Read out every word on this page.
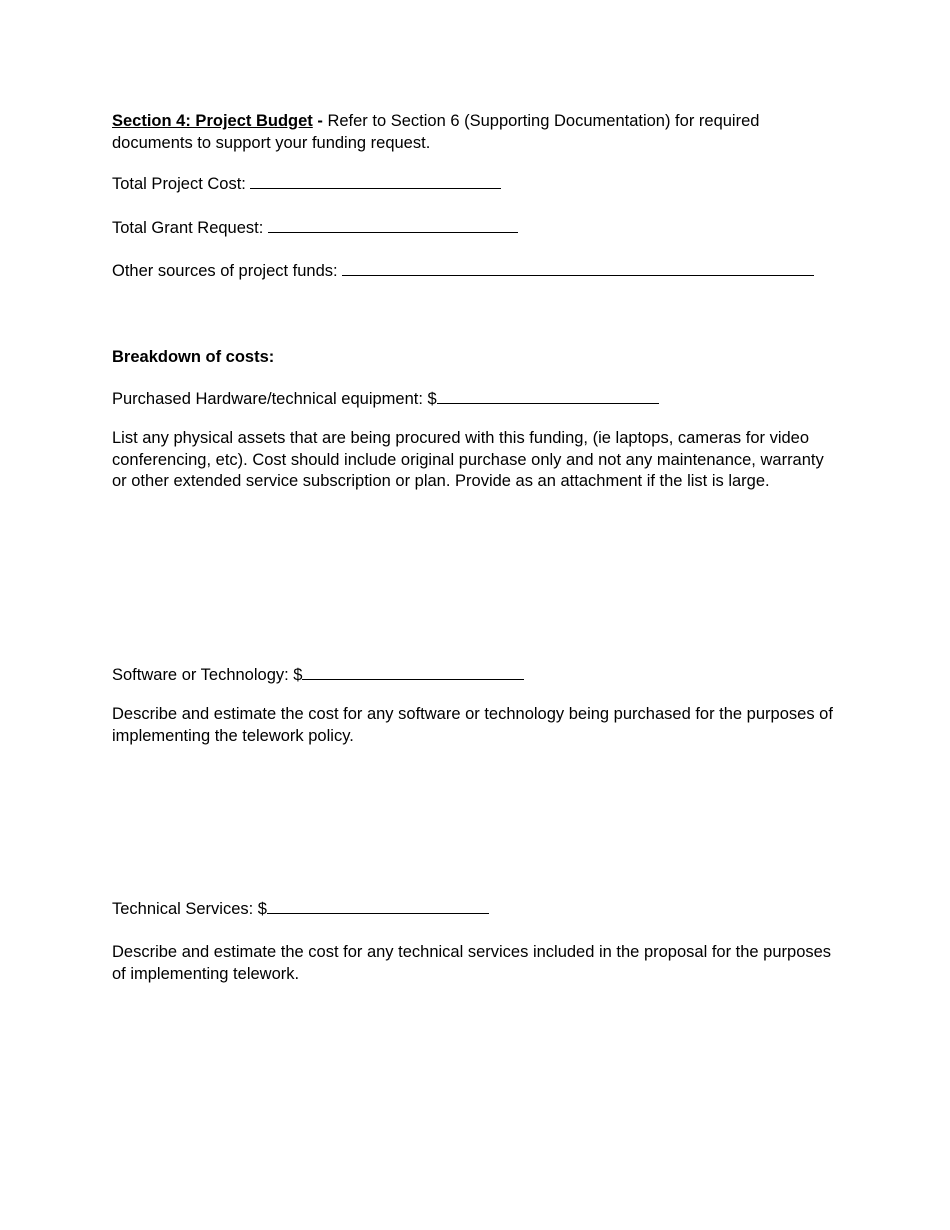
Section 4: Project Budget - Refer to Section 6 (Supporting Documentation) for required documents to support your funding request.
Total Project Cost:
Total Grant Request:
Other sources of project funds:
Breakdown of costs:
Purchased Hardware/technical equipment: $
List any physical assets that are being procured with this funding, (ie laptops, cameras for video conferencing, etc). Cost should include original purchase only and not any maintenance, warranty or other extended service subscription or plan. Provide as an attachment if the list is large.
Software or Technology: $
Describe and estimate the cost for any software or technology being purchased for the purposes of implementing the telework policy.
Technical Services: $
Describe and estimate the cost for any technical services included in the proposal for the purposes of implementing telework.
